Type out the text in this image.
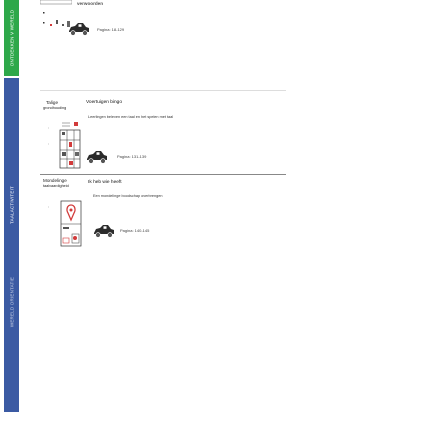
ONTDEKKEN V WERELD
TAALACTIVITEIT
WERELD ORIENTATIE
verwoorden
Pagina: 18-129
Talige
grondhouding
Voertuigen bingo
Leerlingen beleven een taal en het spelen met taal
:
:
Pagina: 131-139
Mondelinge
taalvaardigheid
Ik heb wie heeft
Een mondelinge boodschap overbrengen
:
Pagina: 140-145
